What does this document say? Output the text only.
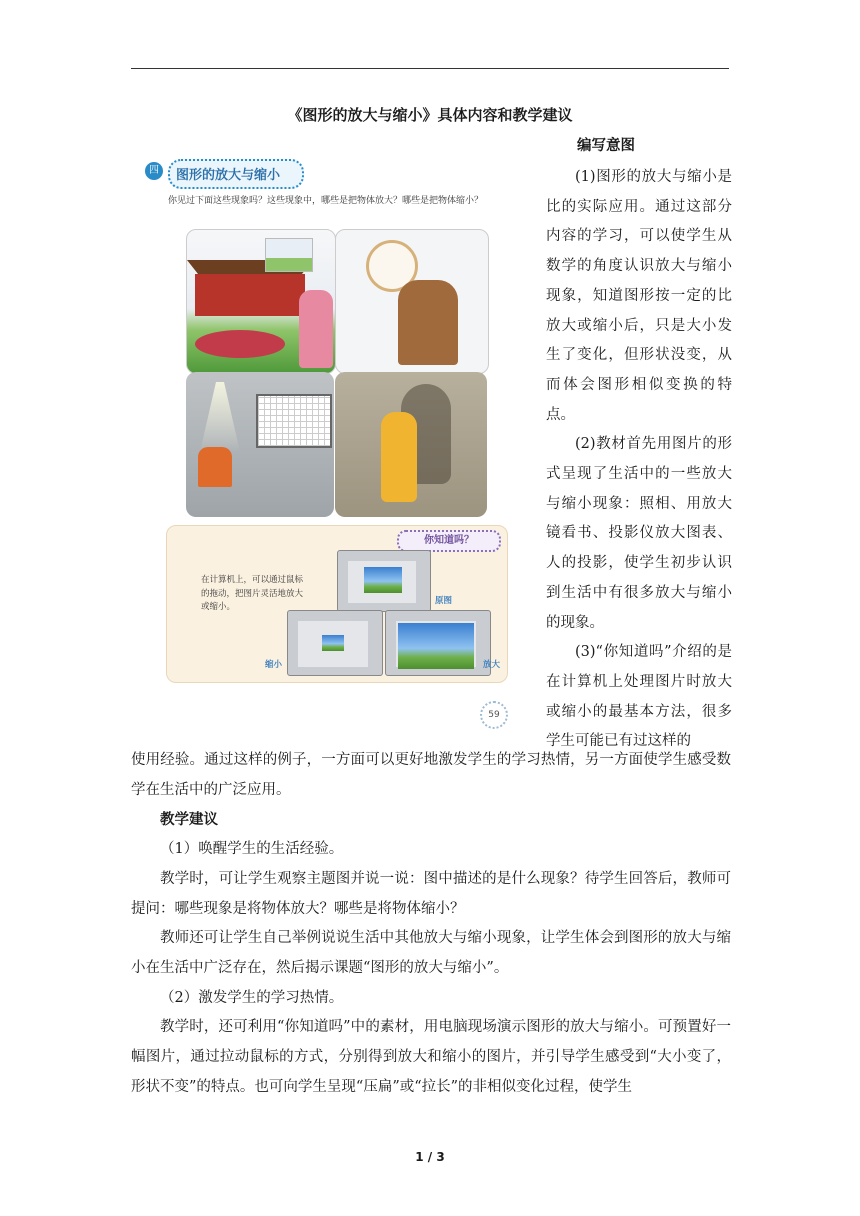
《图形的放大与缩小》具体内容和教学建议
编写意图
四	图形的放大与缩小
你见过下面这些现象吗？这些现象中，哪些是把物体放大？哪些是把物体缩小？
你知道吗？
在计算机上，可以通过鼠标的拖动，把图片灵活地放大或缩小。
原图
缩小	放大
59

(1)图形的放大与缩小是比的实际应用。通过这部分内容的学习，可以使学生从数学的角度认识放大与缩小现象，知道图形按一定的比放大或缩小后，只是大小发生了变化，但形状没变，从而体会图形相似变换的特点。

(2)教材首先用图片的形式呈现了生活中的一些放大与缩小现象：照相、用放大镜看书、投影仪放大图表、人的投影，使学生初步认识到生活中有很多放大与缩小的现象。

(3)“你知道吗”介绍的是在计算机上处理图片时放大或缩小的最基本方法，很多学生可能已有过这样的

使用经验。通过这样的例子，一方面可以更好地激发学生的学习热情，另一方面使学生感受数学在生活中的广泛应用。

教学建议

（1）唤醒学生的生活经验。

教学时，可让学生观察主题图并说一说：图中描述的是什么现象？待学生回答后，教师可提问：哪些现象是将物体放大？哪些是将物体缩小？

教师还可让学生自己举例说说生活中其他放大与缩小现象，让学生体会到图形的放大与缩小在生活中广泛存在，然后揭示课题“图形的放大与缩小”。

（2）激发学生的学习热情。

教学时，还可利用“你知道吗”中的素材，用电脑现场演示图形的放大与缩小。可预置好一幅图片，通过拉动鼠标的方式，分别得到放大和缩小的图片，并引导学生感受到“大小变了，形状不变”的特点。也可向学生呈现“压扁”或“拉长”的非相似变化过程，使学生

1 / 3
